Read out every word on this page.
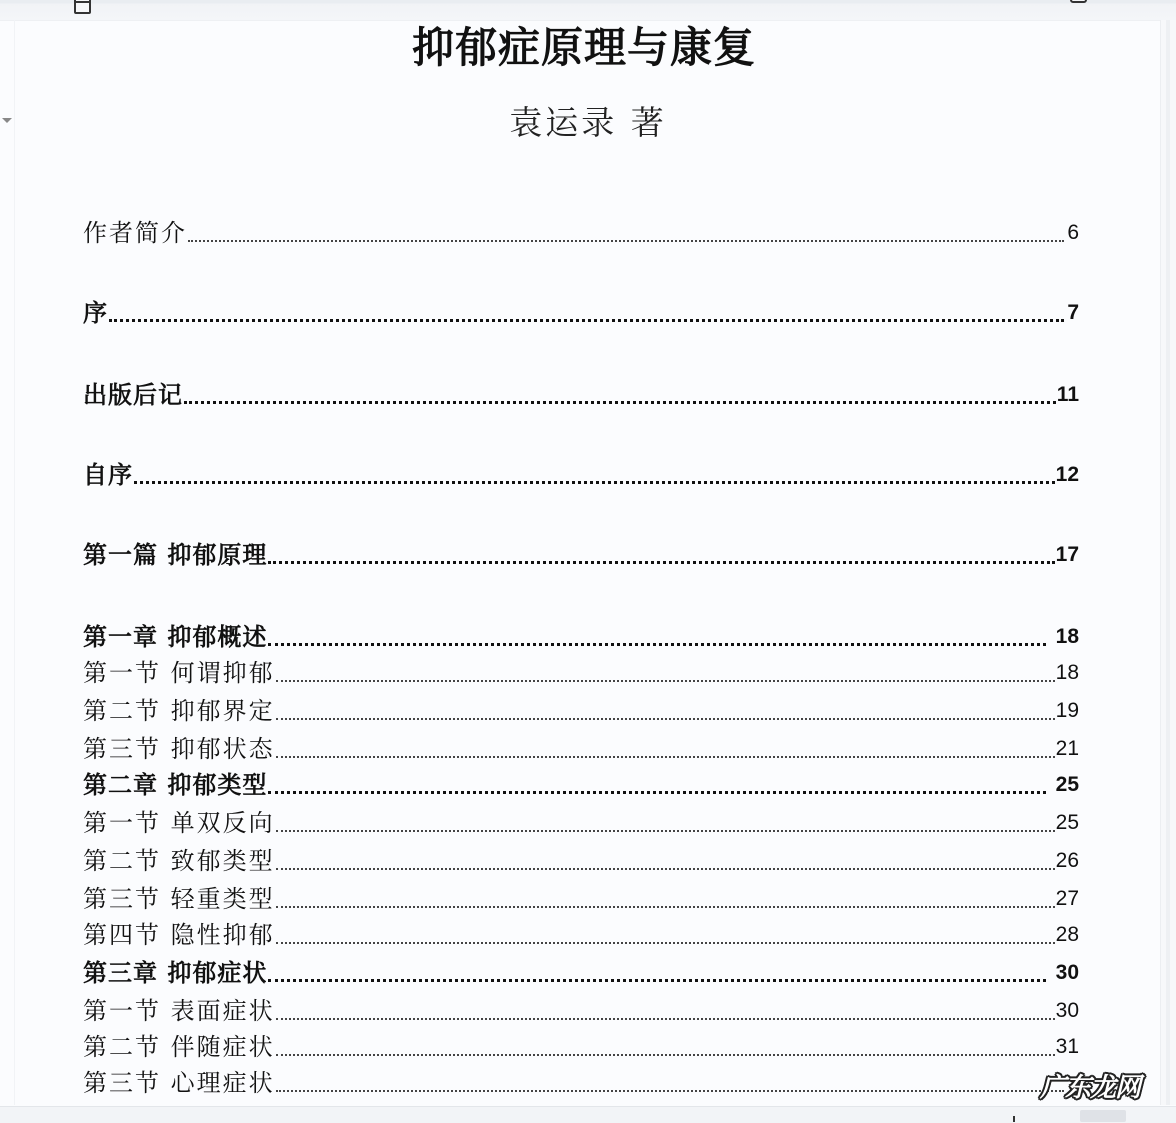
抑郁症原理与康复
袁运录 著
作者简介	6
序	7
出版后记	11
自序	12
第一篇 抑郁原理	17
第一章 抑郁概述	18
第一节 何谓抑郁	18
第二节 抑郁界定	19
第三节 抑郁状态	21
第二章 抑郁类型	25
第一节 单双反向	25
第二节 致郁类型	26
第三节 轻重类型	27
第四节 隐性抑郁	28
第三章 抑郁症状	30
第一节 表面症状	30
第二节 伴随症状	31
第三节 心理症状	广东龙网
